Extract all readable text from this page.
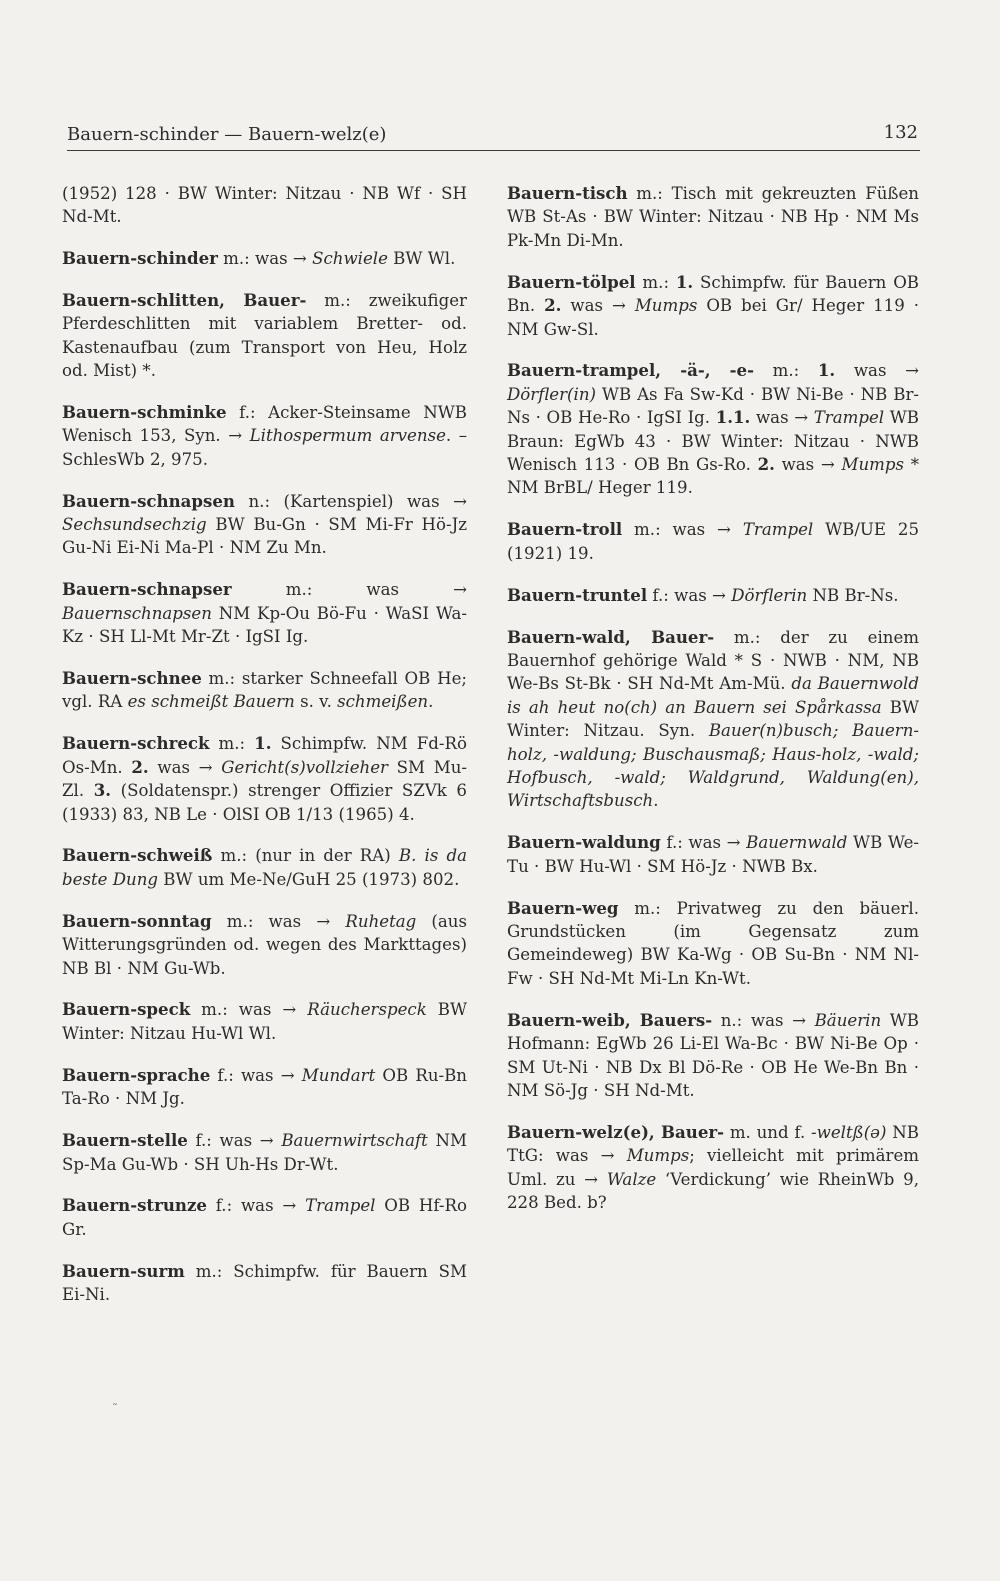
Bauern-schinder — Bauern-welz(e)	132

(1952) 128 · BW Winter: Nitzau · NB Wf · SH Nd-Mt.

Bauern-schinder m.: was → Schwiele BW Wl.

Bauern-schlitten, Bauer- m.: zweikufiger Pferdeschlitten mit variablem Bretter- od. Kastenaufbau (zum Transport von Heu, Holz od. Mist) *.

Bauern-schminke f.: Acker-Steinsame NWB Wenisch 153, Syn. → Lithospermum arvense. – SchlesWb 2, 975.

Bauern-schnapsen n.: (Kartenspiel) was → Sechsundsechzig BW Bu-Gn · SM Mi-Fr Hö-Jz Gu-Ni Ei-Ni Ma-Pl · NM Zu Mn.

Bauern-schnapser m.: was → Bauernschnapsen NM Kp-Ou Bö-Fu · WaSI Wa-Kz · SH Ll-Mt Mr-Zt · IgSI Ig.

Bauern-schnee m.: starker Schneefall OB He; vgl. RA es schmeißt Bauern s. v. schmeißen.

Bauern-schreck m.: 1. Schimpfw. NM Fd-Rö Os-Mn. 2. was → Gericht(s)vollzieher SM Mu-Zl. 3. (Soldatenspr.) strenger Offizier SZVk 6 (1933) 83, NB Le · OlSI OB 1/13 (1965) 4.

Bauern-schweiß m.: (nur in der RA) B. is da beste Dung BW um Me-Ne/GuH 25 (1973) 802.

Bauern-sonntag m.: was → Ruhetag (aus Witterungsgründen od. wegen des Markttages) NB Bl · NM Gu-Wb.

Bauern-speck m.: was → Räucherspeck BW Winter: Nitzau Hu-Wl Wl.

Bauern-sprache f.: was → Mundart OB Ru-Bn Ta-Ro · NM Jg.

Bauern-stelle f.: was → Bauernwirtschaft NM Sp-Ma Gu-Wb · SH Uh-Hs Dr-Wt.

Bauern-strunze f.: was → Trampel OB Hf-Ro Gr.

Bauern-surm m.: Schimpfw. für Bauern SM Ei-Ni.

Bauern-tisch m.: Tisch mit gekreuzten Füßen WB St-As · BW Winter: Nitzau · NB Hp · NM Ms Pk-Mn Di-Mn.

Bauern-tölpel m.: 1. Schimpfw. für Bauern OB Bn. 2. was → Mumps OB bei Gr/ Heger 119 · NM Gw-Sl.

Bauern-trampel, -ä-, -e- m.: 1. was → Dörfler(in) WB As Fa Sw-Kd · BW Ni-Be · NB Br-Ns · OB He-Ro · IgSI Ig. 1.1. was → Trampel WB Braun: EgWb 43 · BW Winter: Nitzau · NWB Wenisch 113 · OB Bn Gs-Ro. 2. was → Mumps * NM BrBL/ Heger 119.

Bauern-troll m.: was → Trampel WB/UE 25 (1921) 19.

Bauern-truntel f.: was → Dörflerin NB Br-Ns.

Bauern-wald, Bauer- m.: der zu einem Bauernhof gehörige Wald * S · NWB · NM, NB We-Bs St-Bk · SH Nd-Mt Am-Mü. da Bauernwold is ah heut no(ch) an Bauern sei Spårkassa BW Winter: Nitzau. Syn. Bauer(n)busch; Bauern-holz, -waldung; Buschausmaß; Haus-holz, -wald; Hofbusch, -wald; Waldgrund, Waldung(en), Wirtschaftsbusch.

Bauern-waldung f.: was → Bauernwald WB We-Tu · BW Hu-Wl · SM Hö-Jz · NWB Bx.

Bauern-weg m.: Privatweg zu den bäuerl. Grundstücken (im Gegensatz zum Gemeindeweg) BW Ka-Wg · OB Su-Bn · NM Nl-Fw · SH Nd-Mt Mi-Ln Kn-Wt.

Bauern-weib, Bauers- n.: was → Bäuerin WB Hofmann: EgWb 26 Li-El Wa-Bc · BW Ni-Be Op · SM Ut-Ni · NB Dx Bl Dö-Re · OB He We-Bn Bn · NM Sö-Jg · SH Nd-Mt.

Bauern-welz(e), Bauer- m. und f. -weltß(ə) NB TtG: was → Mumps; vielleicht mit primärem Uml. zu → Walze ‘Verdickung’ wie RheinWb 9, 228 Bed. b?

˜
